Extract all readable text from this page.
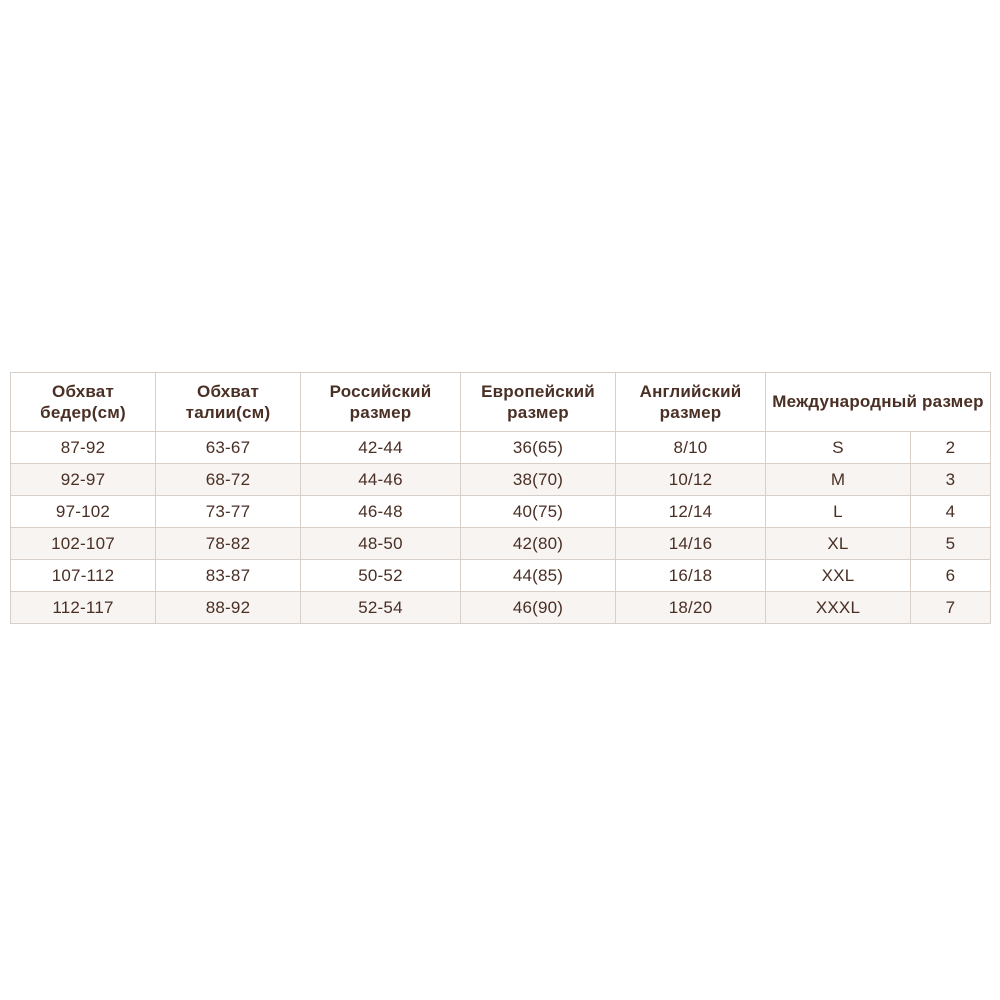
Обхват бедер(см)	Обхват талии(см)	Российский размер	Европейский размер	Английский размер	Международный размер	
87-92	63-67	42-44	36(65)	8/10	S	2
92-97	68-72	44-46	38(70)	10/12	M	3
97-102	73-77	46-48	40(75)	12/14	L	4
102-107	78-82	48-50	42(80)	14/16	XL	5
107-112	83-87	50-52	44(85)	16/18	XXL	6
112-117	88-92	52-54	46(90)	18/20	XXXL	7
